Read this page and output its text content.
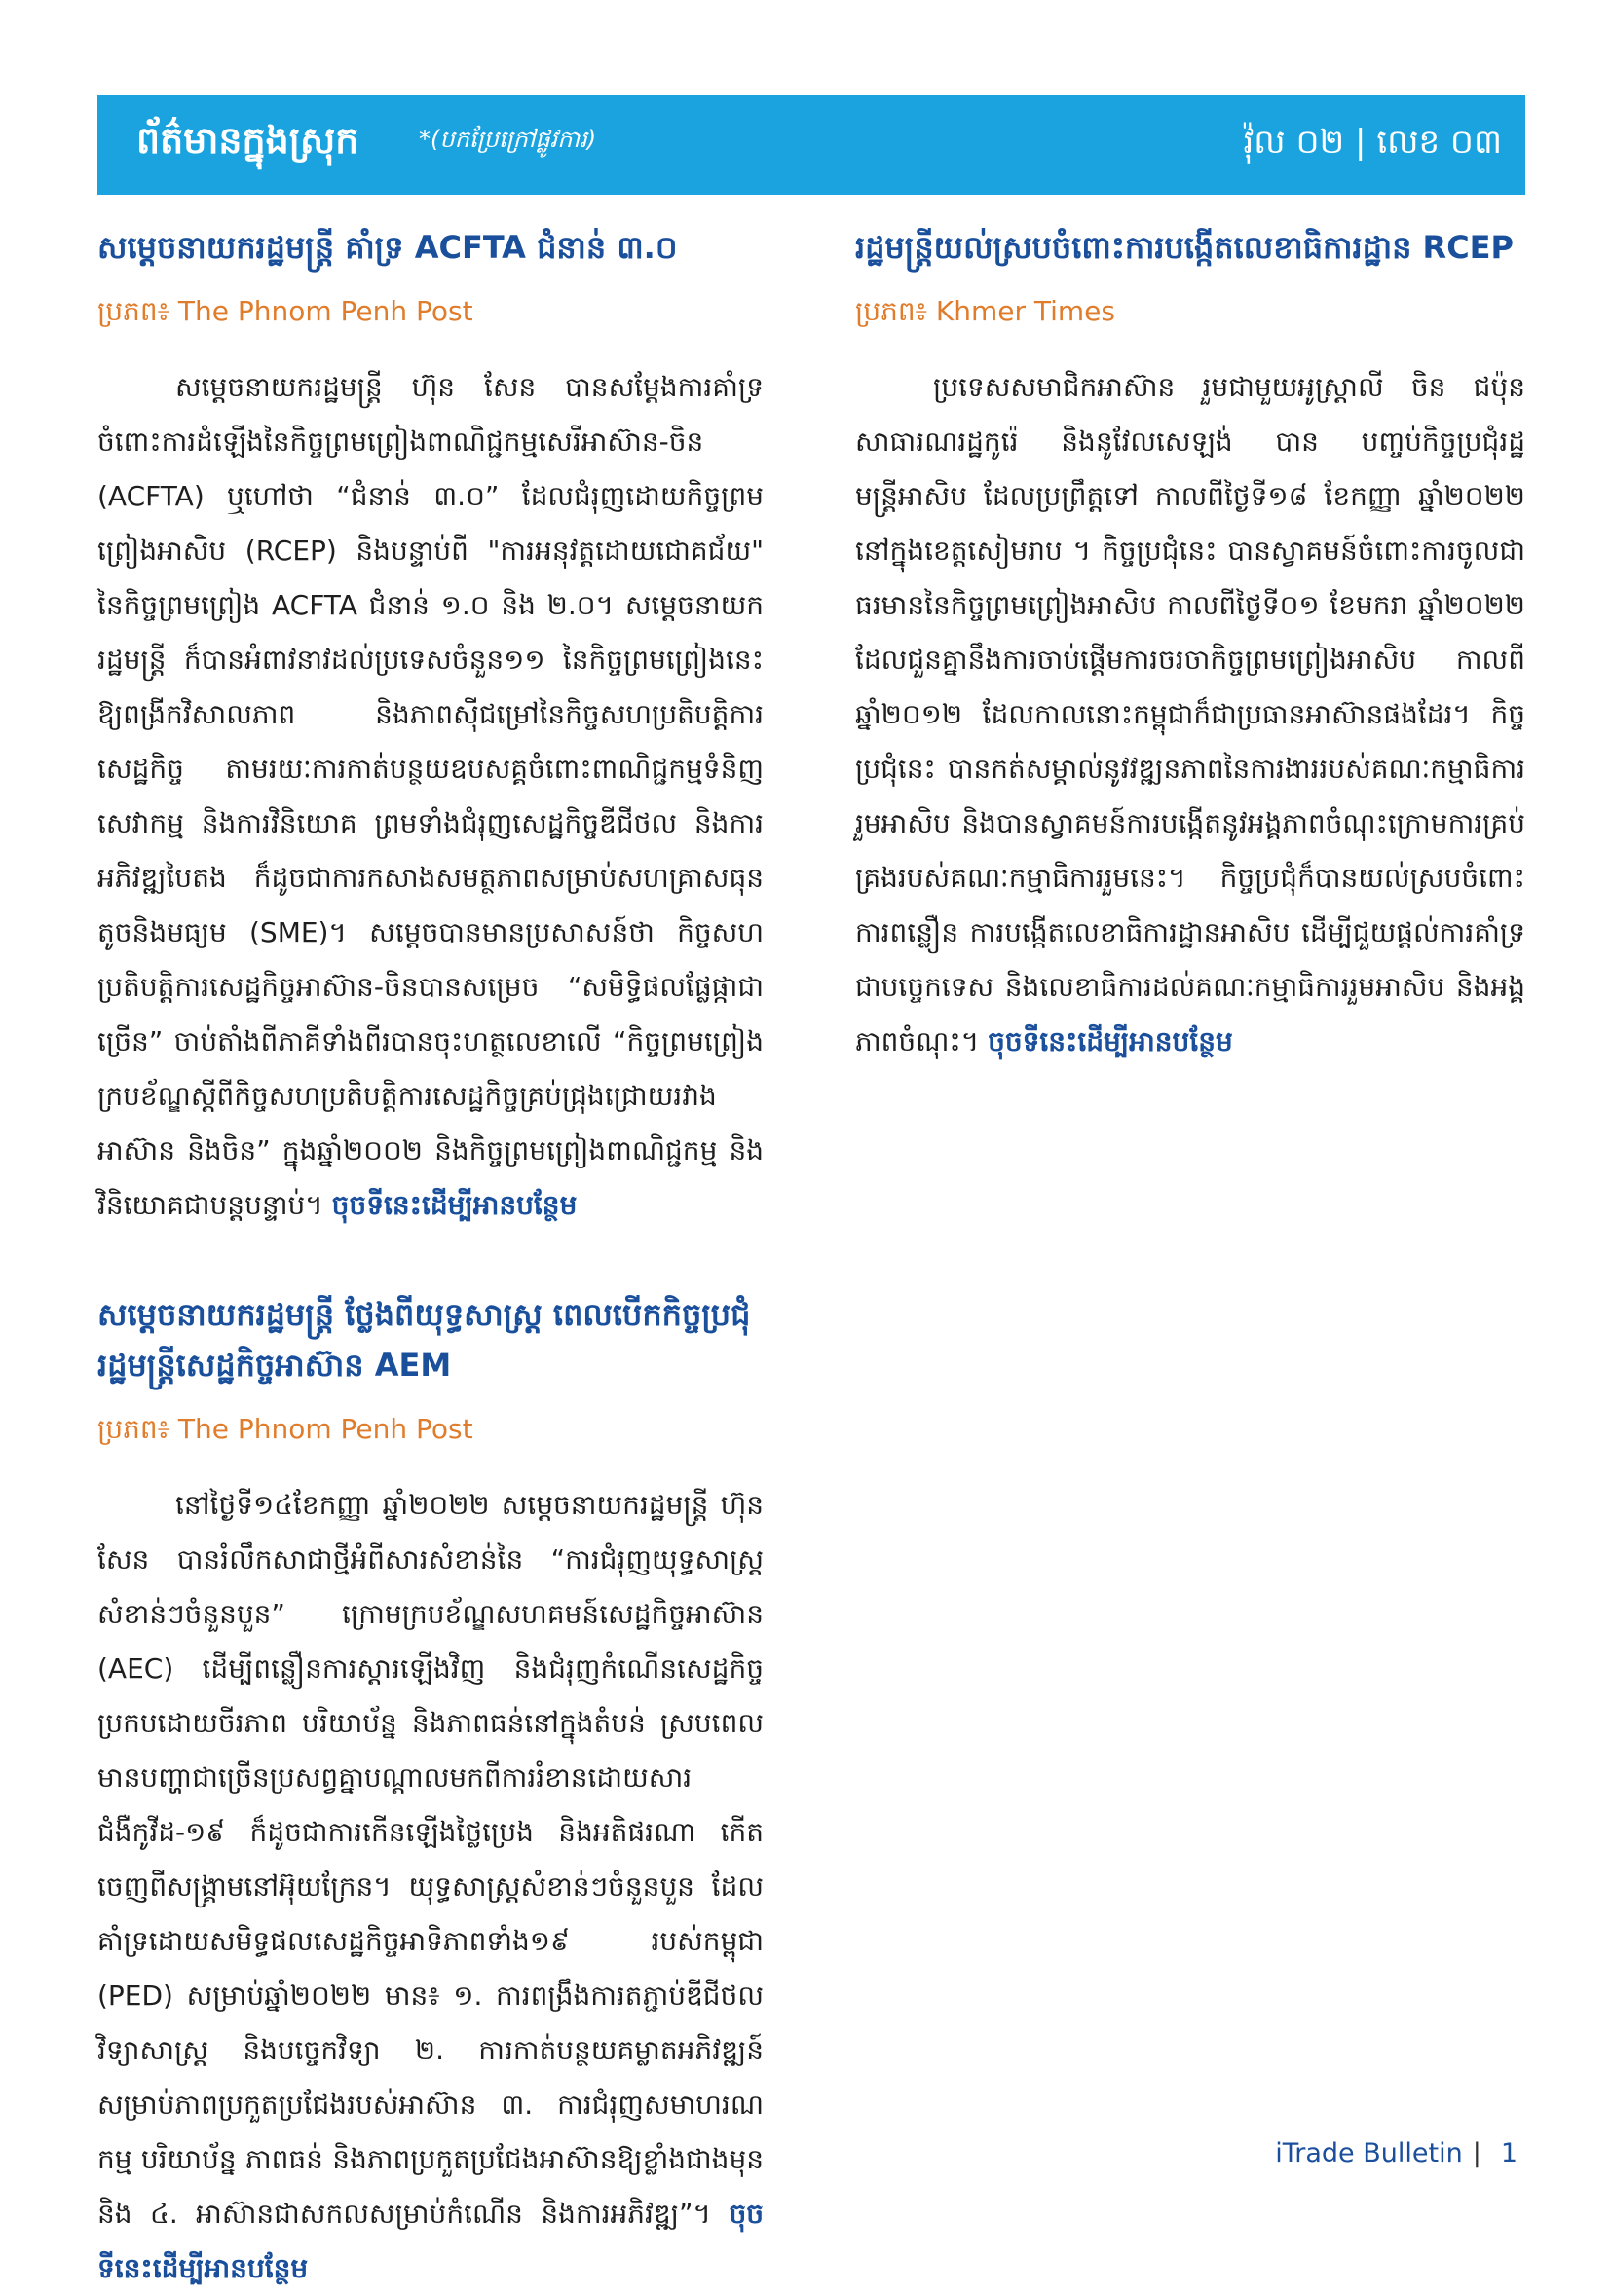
ព័ត៌មានក្នុងស្រុក	*(បកប្រែក្រៅផ្លូវការ)	វ៉ុល ០២ | លេខ ០៣
សម្ដេចនាយករដ្ឋមន្ត្រី គាំទ្រ ACFTA ជំនាន់ ៣.០
ប្រភព៖ The Phnom Penh Post

សម្ដេចនាយករដ្ឋមន្ត្រី ហ៊ុន សែន បានសម្ដែងការគាំទ្រចំពោះការដំឡើងនៃកិច្ចព្រមព្រៀងពាណិជ្ជកម្មសេរីអាស៊ាន-ចិន (ACFTA) ឬហៅថា “ជំនាន់ ៣.០” ដែលជំរុញដោយកិច្ចព្រមព្រៀងអាសិប (RCEP) និងបន្ទាប់ពី "ការអនុវត្តដោយជោគជ័យ" នៃកិច្ចព្រមព្រៀង ACFTA ជំនាន់ ១.០ និង ២.០។ សម្ដេចនាយករដ្ឋមន្ត្រី ក៏បានអំពាវនាវដល់ប្រទេសចំនួន១១ នៃកិច្ចព្រមព្រៀងនេះ ឱ្យពង្រីកវិសាលភាព និងភាពស៊ីជម្រៅនៃកិច្ចសហប្រតិបត្តិការសេដ្ឋកិច្ច តាមរយៈការកាត់បន្ថយឧបសគ្គចំពោះពាណិជ្ជកម្មទំនិញ សេវាកម្ម និងការវិនិយោគ ព្រមទាំងជំរុញសេដ្ឋកិច្ចឌីជីថល និងការអភិវឌ្ឍបៃតង ក៏ដូចជាការកសាងសមត្ថភាពសម្រាប់សហគ្រាសធុនតូចនិងមធ្យម (SME)។ សម្ដេចបានមានប្រសាសន៍ថា កិច្ចសហប្រតិបត្តិការសេដ្ឋកិច្ចអាស៊ាន-ចិនបានសម្រេច “សមិទ្ធិផលផ្លែផ្កាជាច្រើន” ចាប់តាំងពីភាគីទាំងពីរបានចុះហត្ថលេខាលើ “កិច្ចព្រមព្រៀងក្របខ័ណ្ឌស្ដីពីកិច្ចសហប្រតិបត្តិការសេដ្ឋកិច្ចគ្រប់ជ្រុងជ្រោយរវាងអាស៊ាន និងចិន” ក្នុងឆ្នាំ២០០២ និងកិច្ចព្រមព្រៀងពាណិជ្ជកម្ម និងវិនិយោគជាបន្តបន្ទាប់។ ចុចទីនេះដើម្បីអានបន្ថែម

សម្ដេចនាយករដ្ឋមន្ត្រី ថ្លែងពីយុទ្ធសាស្ត្រ ពេលបើកកិច្ចប្រជុំរដ្ឋមន្ត្រីសេដ្ឋកិច្ចអាស៊ាន AEM
ប្រភព៖ The Phnom Penh Post

នៅថ្ងៃទី១៤ខែកញ្ញា ឆ្នាំ២០២២ សម្ដេចនាយករដ្ឋមន្ត្រី ហ៊ុន សែន បានរំលឹកសាជាថ្មីអំពីសារសំខាន់នៃ “ការជំរុញយុទ្ធសាស្ត្រសំខាន់ៗចំនួនបួន” ក្រោមក្របខ័ណ្ឌសហគមន៍សេដ្ឋកិច្ចអាស៊ាន (AEC) ដើម្បីពន្លឿនការស្ដារឡើងវិញ និងជំរុញកំណើនសេដ្ឋកិច្ចប្រកបដោយចីរភាព បរិយាប័ន្ន និងភាពធន់នៅក្នុងតំបន់ ស្របពេលមានបញ្ហាជាច្រើនប្រសព្វគ្នាបណ្ដាលមកពីការរំខានដោយសារជំងឺកូវីដ-១៩ ក៏ដូចជាការកើនឡើងថ្លៃប្រេង និងអតិផរណា កើតចេញពីសង្គ្រាមនៅអ៊ុយក្រែន។ យុទ្ធសាស្ត្រសំខាន់ៗចំនួនបួន ដែលគាំទ្រដោយសមិទ្ធផលសេដ្ឋកិច្ចអាទិភាពទាំង១៩ របស់កម្ពុជា (PED) សម្រាប់ឆ្នាំ២០២២ មាន៖ ១. ការពង្រឹងការតភ្ជាប់ឌីជីថល វិទ្យាសាស្ត្រ និងបច្ចេកវិទ្យា ២. ការកាត់បន្ថយគម្លាតអភិវឌ្ឍន៍សម្រាប់ភាពប្រកួតប្រជែងរបស់អាស៊ាន ៣. ការជំរុញសមាហរណកម្ម បរិយាប័ន្ន ភាពធន់ និងភាពប្រកួតប្រជែងអាស៊ានឱ្យខ្លាំងជាងមុន និង ៤. អាស៊ានជាសកលសម្រាប់កំណើន និងការអភិវឌ្ឍ”។ ចុចទីនេះដើម្បីអានបន្ថែម

រដ្ឋមន្ត្រីយល់ស្របចំពោះការបង្កើតលេខាធិការដ្ឋាន RCEP
ប្រភព៖ Khmer Times

ប្រទេសសមាជិកអាស៊ាន រួមជាមួយអូស្ត្រាលី ចិន ជប៉ុន សាធារណរដ្ឋកូរ៉េ និងនូវែលសេឡង់ បាន បញ្ចប់កិច្ចប្រជុំរដ្ឋមន្ត្រីអាសិប ដែលប្រព្រឹត្តទៅ កាលពីថ្ងៃទី១៨ ខែកញ្ញា ឆ្នាំ២០២២ នៅក្នុងខេត្តសៀមរាប ។ កិច្ចប្រជុំនេះ បានស្វាគមន៍ចំពោះការចូលជាធរមាននៃកិច្ចព្រមព្រៀងអាសិប កាលពីថ្ងៃទី០១ ខែមករា ឆ្នាំ២០២២ ដែលជួនគ្នានឹងការចាប់ផ្ដើមការចរចាកិច្ចព្រមព្រៀងអាសិប កាលពីឆ្នាំ២០១២ ដែលកាលនោះកម្ពុជាក៏ជាប្រធានអាស៊ានផងដែរ។ កិច្ចប្រជុំនេះ បានកត់សម្គាល់នូវវឌ្ឍនភាពនៃការងាររបស់គណៈកម្មាធិការរួមអាសិប និងបានស្វាគមន៍ការបង្កើតនូវអង្គភាពចំណុះក្រោមការគ្រប់គ្រងរបស់គណៈកម្មាធិការរួមនេះ។ កិច្ចប្រជុំក៏បានយល់ស្របចំពោះការពន្លឿន ការបង្កើតលេខាធិការដ្ឋានអាសិប ដើម្បីជួយផ្ដល់ការគាំទ្រជាបច្ចេកទេស និងលេខាធិការដល់គណៈកម្មាធិការរួមអាសិប និងអង្គភាពចំណុះ។ ចុចទីនេះដើម្បីអានបន្ថែម

iTrade Bulletin | 1
